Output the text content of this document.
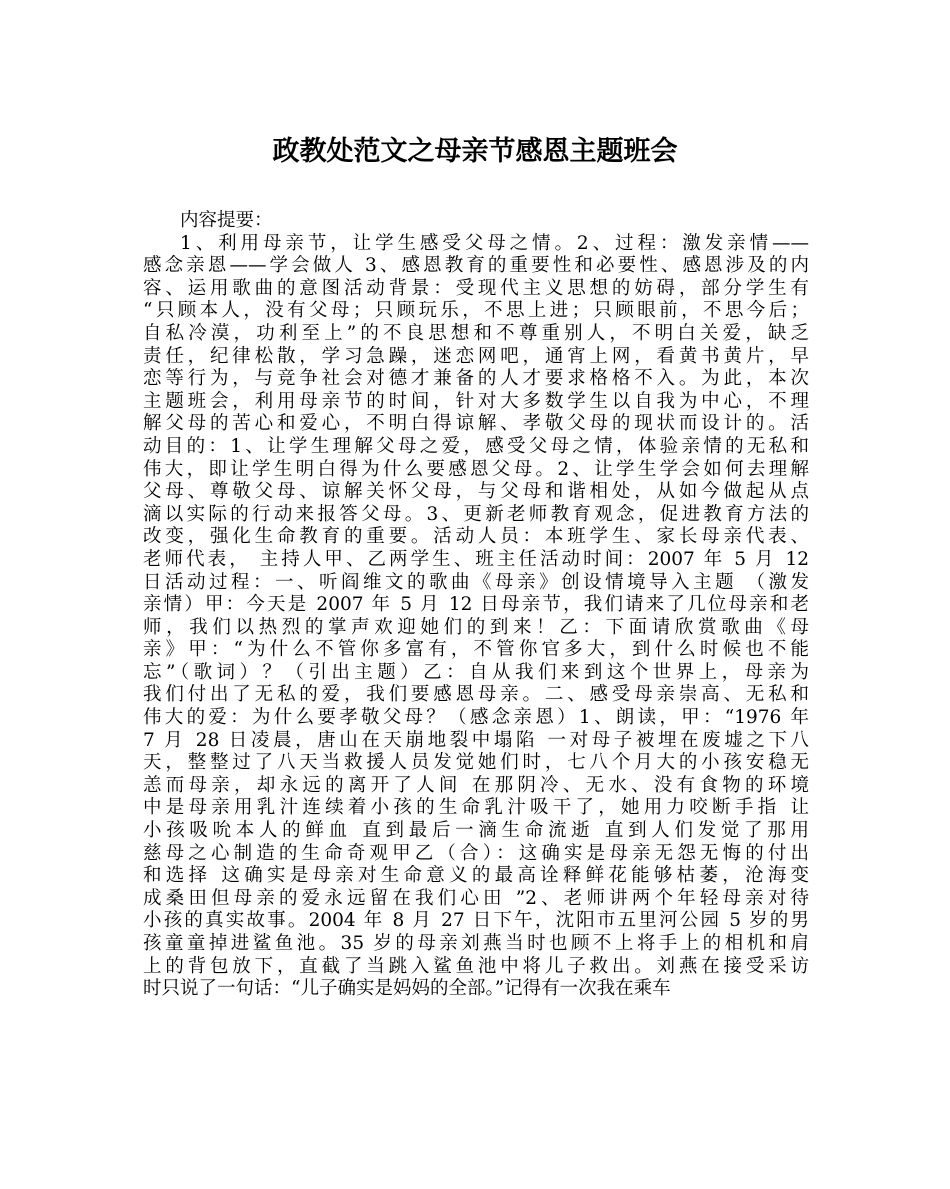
政教处范文之母亲节感恩主题班会

内容提要：

1、利用母亲节，让学生感受父母之情。2、过程：激发亲情——
感念亲恩——学会做人 3、感恩教育的重要性和必要性、感恩涉及的内
容、运用歌曲的意图活动背景：受现代主义思想的妨碍，部分学生有
“只顾本人，没有父母；只顾玩乐，不思上进；只顾眼前，不思今后；
自私冷漠，功利至上”的不良思想和不尊重别人，不明白关爱，缺乏
责任，纪律松散，学习急躁，迷恋网吧，通宵上网，看黄书黄片，早
恋等行为，与竞争社会对德才兼备的人才要求格格不入。为此，本次
主题班会，利用母亲节的时间，针对大多数学生以自我为中心，不理
解父母的苦心和爱心，不明白得谅解、孝敬父母的现状而设计的。活
动目的：1、让学生理解父母之爱，感受父母之情，体验亲情的无私和
伟大，即让学生明白得为什么要感恩父母。2、让学生学会如何去理解
父母、尊敬父母、谅解关怀父母，与父母和谐相处，从如今做起从点
滴以实际的行动来报答父母。3、更新老师教育观念，促进教育方法的
改变，强化生命教育的重要。活动人员：本班学生、家长母亲代表、
老师代表， 主持人甲、乙两学生、班主任活动时间：2007 年 5 月 12
日活动过程：一、听阎维文的歌曲《母亲》创设情境导入主题 （激发
亲情）甲：今天是 2007 年 5 月 12 日母亲节，我们请来了几位母亲和老
师，我们以热烈的掌声欢迎她们的到来！乙：下面请欣赏歌曲《母
亲》甲：“为什么不管你多富有，不管你官多大，到什么时候也不能
忘”（歌词）？（引出主题）乙：自从我们来到这个世界上，母亲为
我们付出了无私的爱，我们要感恩母亲。二、感受母亲崇高、无私和
伟大的爱：为什么要孝敬父母？（感念亲恩）1、朗读，甲：“1976 年
7 月 28 日凌晨，唐山在天崩地裂中塌陷 一对母子被埋在废墟之下八
天，整整过了八天当救援人员发觉她们时，七八个月大的小孩安稳无
恙而母亲，却永远的离开了人间 在那阴冷、无水、没有食物的环境
中是母亲用乳汁连续着小孩的生命乳汁吸干了，她用力咬断手指 让
小孩吸吮本人的鲜血 直到最后一滴生命流逝 直到人们发觉了那用
慈母之心制造的生命奇观甲乙（合）：这确实是母亲无怨无悔的付出
和选择 这确实是母亲对生命意义的最高诠释鲜花能够枯萎，沧海变
成桑田但母亲的爱永远留在我们心田 ”2、老师讲两个年轻母亲对待
小孩的真实故事。2004 年 8 月 27 日下午，沈阳市五里河公园 5 岁的男
孩童童掉进鲨鱼池。35 岁的母亲刘燕当时也顾不上将手上的相机和肩
上的背包放下，直截了当跳入鲨鱼池中将儿子救出。刘燕在接受采访
时只说了一句话：“儿子确实是妈妈的全部。”记得有一次我在乘车
